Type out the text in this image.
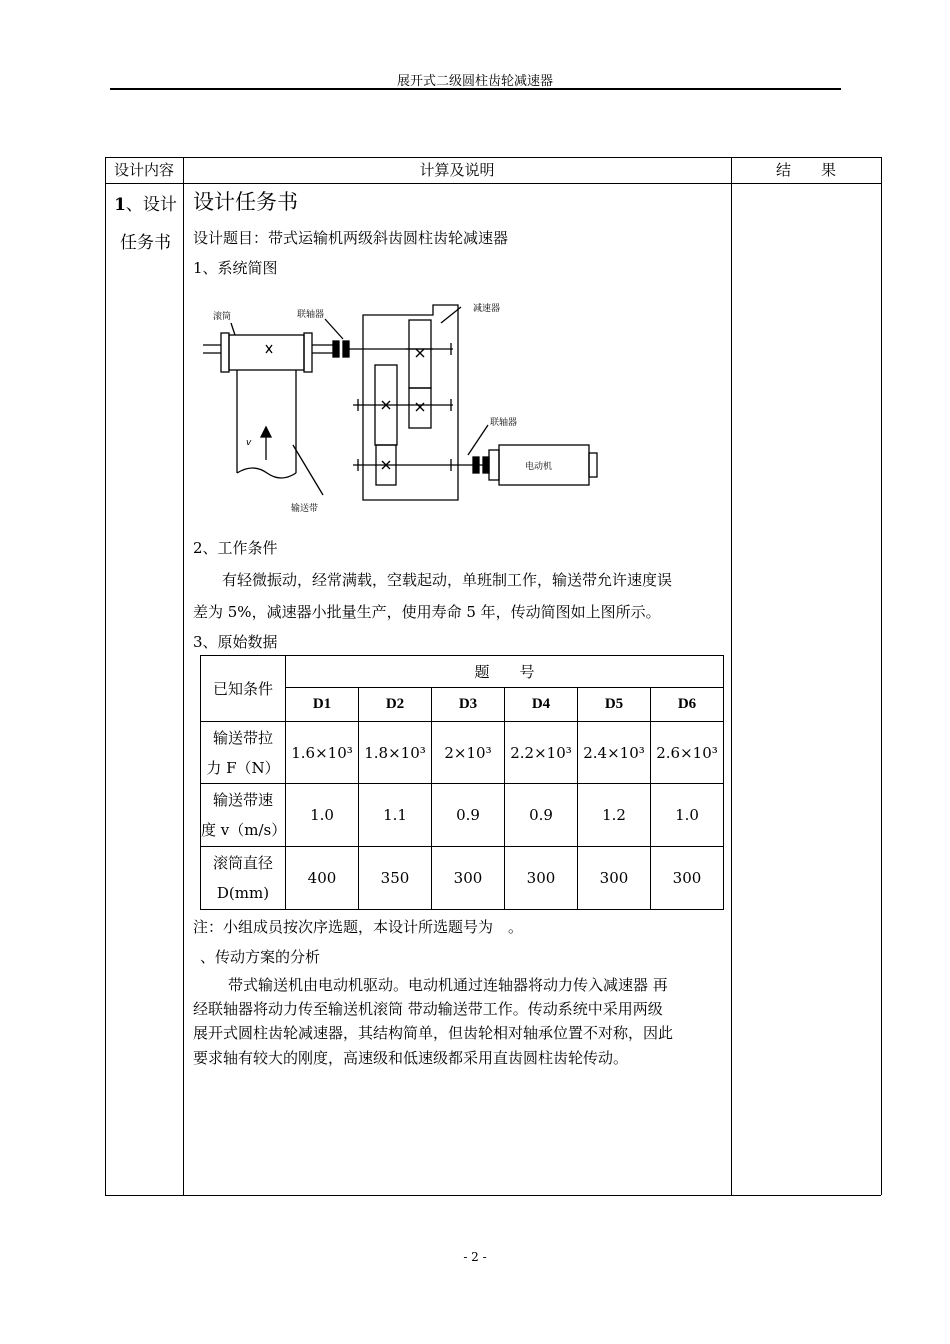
展开式二级圆柱齿轮减速器
设计内容	计算及说明	结　　果
1、设计
任务书
设计任务书
设计题目：带式运输机两级斜齿圆柱齿轮减速器
1、系统简图
滚筒	联轴器
减速器
联轴器
电动机
输送带
v
2、工作条件
有轻微振动，经常满载，空载起动，单班制工作，输送带允许速度误
差为 5%，减速器小批量生产，使用寿命 5 年，传动简图如上图所示。
3、原始数据
已知条件	题　　号					
	D1	D2	D3	D4	D5	D6

输送带拉
力 F（N）	1.6×10³	1.8×10³	2×10³	2.2×10³	2.4×10³	2.6×10³

输送带速
度 v（m/s）	1.0	1.1	0.9	0.9	1.2	1.0

滚筒直径
D(mm)	400	350	300	300	300	300
注：小组成员按次序选题，本设计所选题号为　。
、传动方案的分析
带式输送机由电动机驱动。电动机通过连轴器将动力传入减速器 再
经联轴器将动力传至输送机滚筒 带动输送带工作。传动系统中采用两级
展开式圆柱齿轮减速器，其结构简单，但齿轮相对轴承位置不对称，因此
要求轴有较大的刚度，高速级和低速级都采用直齿圆柱齿轮传动。
- 2 -
